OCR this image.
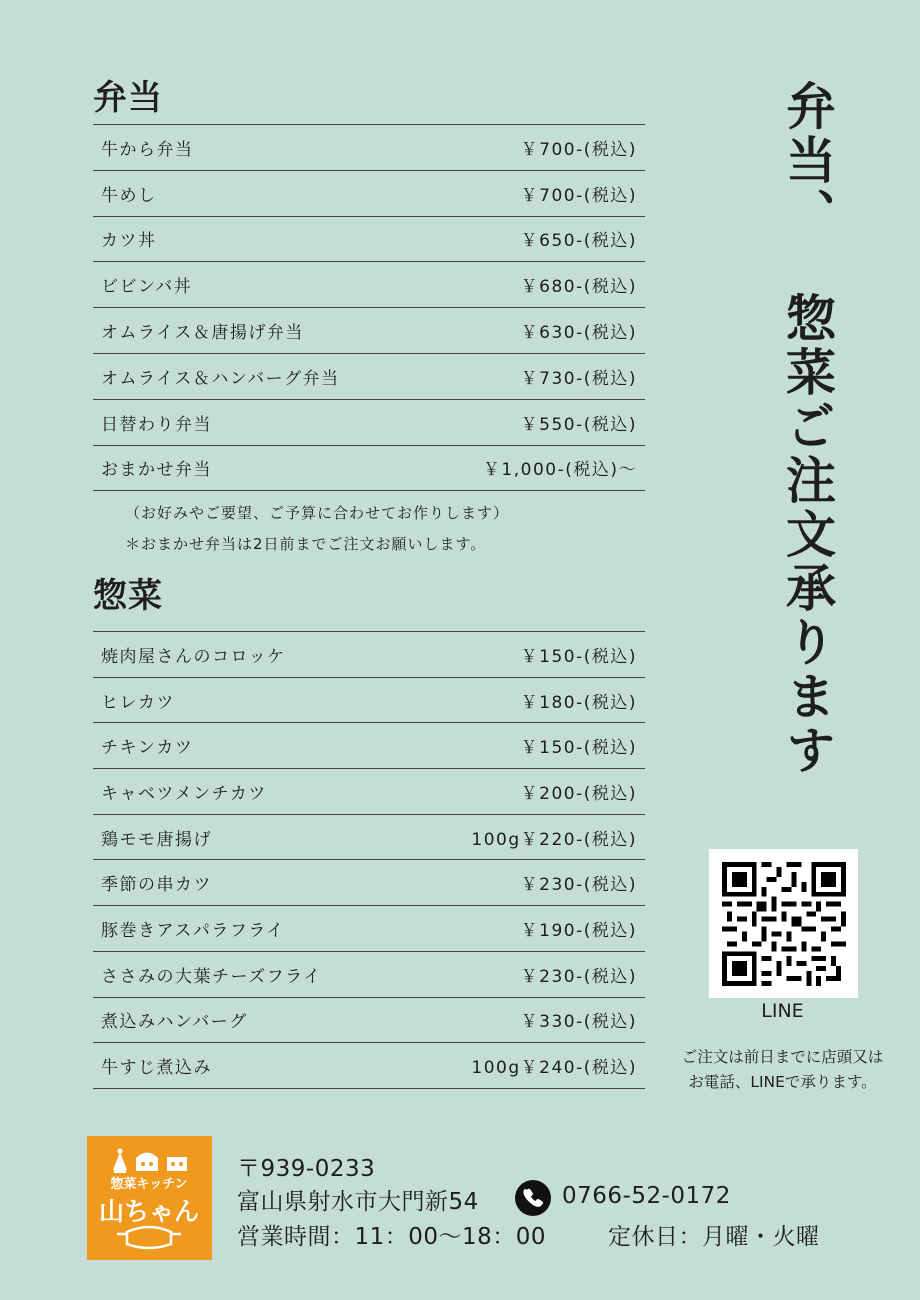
弁当
牛から弁当	￥700-(税込)
牛めし	￥700-(税込)
カツ丼	￥650-(税込)
ビビンバ丼	￥680-(税込)
オムライス＆唐揚げ弁当	￥630-(税込)
オムライス＆ハンバーグ弁当	￥730-(税込)
日替わり弁当	￥550-(税込)
おまかせ弁当	￥1,000-(税込)～
（お好みやご要望、ご予算に合わせてお作りします）
＊おまかせ弁当は2日前までご注文お願いします。
惣菜
焼肉屋さんのコロッケ	￥150-(税込)
ヒレカツ	￥180-(税込)
チキンカツ	￥150-(税込)
キャベツメンチカツ	￥200-(税込)
鶏モモ唐揚げ	100g￥220-(税込)
季節の串カツ	￥230-(税込)
豚巻きアスパラフライ	￥190-(税込)
ささみの大葉チーズフライ	￥230-(税込)
煮込みハンバーグ	￥330-(税込)
牛すじ煮込み	100g￥240-(税込)
弁当、惣菜ご注文承ります
LINE
ご注文は前日までに店頭又は
お電話、LINEで承ります。
惣菜キッチン
山ちゃん
〒939-0233
富山県射水市大門新54	0766-52-0172
営業時間：11：00～18：00	定休日：月曜・火曜
